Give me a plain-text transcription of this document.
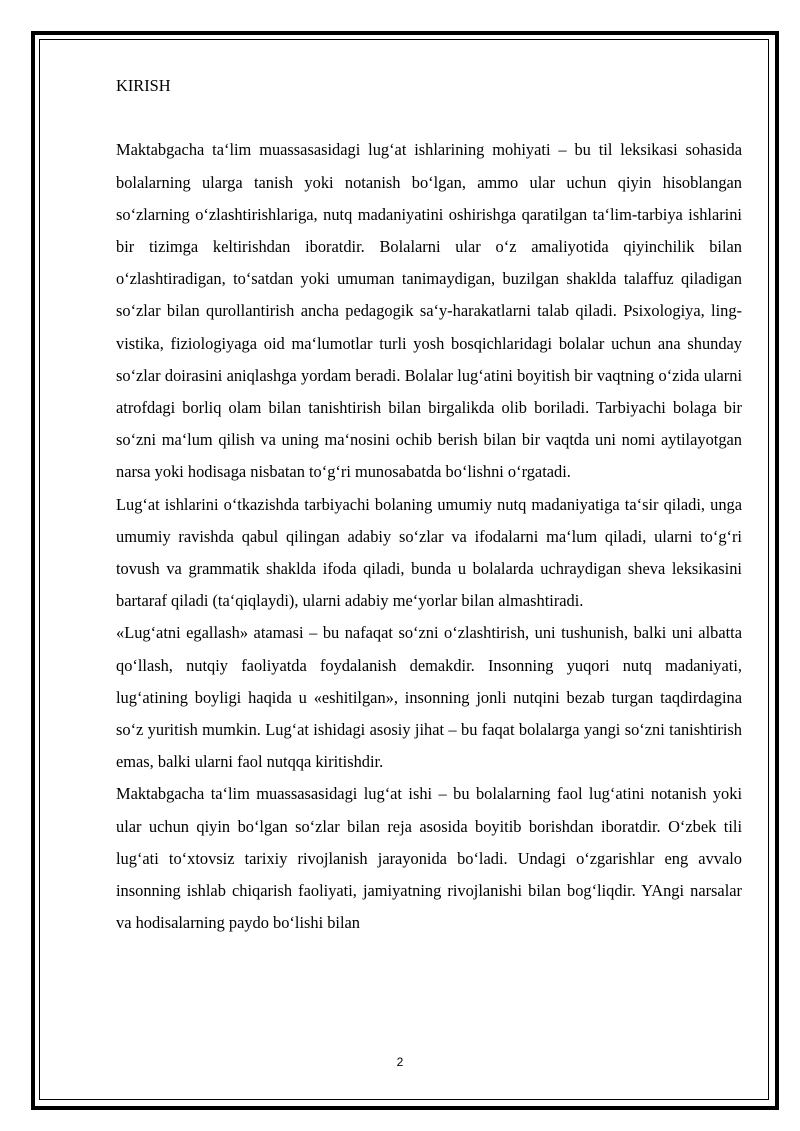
KIRISH

Maktabgacha taʻlim muassasasidagi lugʻat ishlarining mohiyati – bu til leksikasi sohasida bolalarning ularga tanish yoki notanish boʻlgan, ammo ular uchun qiyin hisoblangan soʻzlarning oʻzlashtirishlariga, nutq madaniyatini oshirishga qaratilgan taʻlim-tarbiya ishlarini bir tizimga keltirishdan iboratdir. Bolalarni ular oʻz amaliyotida qiyinchilik bilan oʻzlashtiradigan, toʻsatdan yoki umuman tanimaydigan, buzilgan shaklda talaffuz qiladigan soʻzlar bilan qurollantirish ancha pedagogik saʻy-harakatlarni talab qiladi. Psixologiya, ling-vistika, fiziologiyaga oid maʻlumotlar turli yosh bosqichlaridagi bolalar uchun ana shunday soʻzlar doirasini aniqlashga yordam beradi. Bolalar lugʻatini boyitish bir vaqtning oʻzida ularni atrofdagi borliq olam bilan tanishtirish bilan birgalikda olib boriladi. Tarbiyachi bolaga bir soʻzni maʻlum qilish va uning maʻnosini ochib berish bilan bir vaqtda uni nomi aytilayotgan narsa yoki hodisaga nisbatan toʻgʻri munosabatda boʻlishni oʻrgatadi.

Lugʻat ishlarini oʻtkazishda tarbiyachi bolaning umumiy nutq madaniyatiga taʻsir qiladi, unga umumiy ravishda qabul qilingan adabiy soʻzlar va ifodalarni maʻlum qiladi, ularni toʻgʻri tovush va grammatik shaklda ifoda qiladi, bunda u bolalarda uchraydigan sheva leksikasini bartaraf qiladi (taʻqiqlaydi), ularni adabiy meʻyorlar bilan almashtiradi.

«Lugʻatni egallash» atamasi – bu nafaqat soʻzni oʻzlashtirish, uni tushunish, balki uni albatta qoʻllash, nutqiy faoliyatda foydalanish demakdir. Insonning yuqori nutq madaniyati, lugʻatining boyligi haqida u «eshitilgan», insonning jonli nutqini bezab turgan taqdirdagina soʻz yuritish mumkin. Lugʻat ishidagi asosiy jihat – bu faqat bolalarga yangi soʻzni tanishtirish emas, balki ularni faol nutqqa kiritishdir.

Maktabgacha taʻlim muassasasidagi lugʻat ishi – bu bolalarning faol lugʻatini notanish yoki ular uchun qiyin boʻlgan soʻzlar bilan reja asosida boyitib borishdan iboratdir. Oʻzbek tili lugʻati toʻxtovsiz tarixiy rivojlanish jarayonida boʻladi. Undagi oʻzgarishlar eng avvalo insonning ishlab chiqarish faoliyati, jamiyatning rivojlanishi bilan bogʻliqdir. YAngi narsalar va hodisalarning paydo boʻlishi bilan

2
